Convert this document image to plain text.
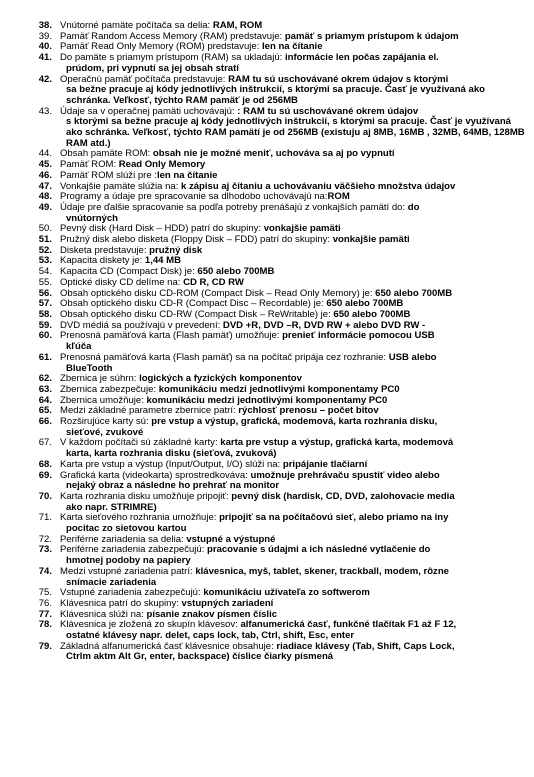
38. Vnútorné pamäte počítača sa delia: RAM, ROM
39. Pamäť Random Access Memory (RAM) predstavuje: pamäť s priamym prístupom k údajom
40. Pamäť Read Only Memory (ROM) predstavuje: len na čítanie
41. Do pamäte s priamym prístupom (RAM) sa ukladajú: informácie len počas zapájania el.
prúdom, pri vypnutí sa jej obsah stratí
42. Operačnú pamäť počítača predstavuje: RAM tu sú uschovávané okrem údajov s ktorými
sa bežne pracuje aj kódy jednotlivých inštrukcií, s ktorými sa pracuje. Časť je využívaná ako schránka. Veľkosť, týchto RAM pamäť je od 256MB
43. Údaje sa v operačnej pamäti uchovávajú: : RAM tu sú uschovávané okrem údajov
s ktorými sa bežne pracuje aj kódy jednotlivých inštrukcií, s ktorými sa pracuje. Časť je využívaná ako schránka. Veľkosť, týchto RAM pamätí je od 256MB (existuju aj 8MB, 16MB , 32MB, 64MB, 128MB RAM atd.)
44. Obsah pamäte ROM: obsah nie je možné meniť, uchováva sa aj po vypnutí
45. Pamäť ROM: Read Only Memory
46. Pamäť ROM slúži pre :len na čítanie
47. Vonkajšie pamäte slúžia na: k zápisu aj čítaniu a uchovávaniu väčšieho množstva údajov
48. Programy a údaje pre spracovanie sa dlhodobo uchovávajú na:ROM
49. Údaje pre ďalšie spracovanie sa podľa potreby prenášajú z vonkajších pamätí do: do
vnútorných
50. Pevný disk (Hard Disk – HDD) patrí do skupiny: vonkajšie pamäti
51. Pružný disk alebo disketa (Floppy Disk – FDD) patrí do skupiny: vonkajšie pamäti
52. Disketa predstavuje: pružný disk
53. Kapacita diskety je: 1,44 MB
54. Kapacita CD (Compact Disk) je: 650 alebo 700MB
55. Optické disky CD delíme na: CD R, CD RW
56. Obsah optického disku CD-ROM (Compact Disk – Read Only Memory) je: 650 alebo 700MB
57. Obsah optického disku CD-R (Compact Disc – Recordable) je: 650 alebo 700MB
58. Obsah optického disku CD-RW (Compact Disk – ReWritable) je: 650 alebo 700MB
59. DVD médiá sa používajú v prevedení: DVD +R, DVD –R, DVD RW + alebo DVD RW -
60. Prenosná pamäťová karta (Flash pamäť) umožňuje: prenieť informácie pomocou USB
kľúča
61. Prenosná pamäťová karta (Flash pamäť) sa na počítač pripája cez rozhranie: USB alebo
BlueTooth
62. Zbernica je súhrn: logických a fyzických komponentov
63. Zbernica zabezpečuje: komunikáciu medzi jednotlivými komponentamy PC0
64. Zbernica umožňuje: komunikáciu medzi jednotlivými komponentamy PC0
65. Medzi základné parametre zbernice patrí: rýchlosť prenosu – počet bitov
66. Rozširujúce karty sú: pre vstup a výstup, grafická, modemová, karta rozhrania disku,
sieťové, zvukové
67. V každom počítači sú základné karty: karta pre vstup a výstup, grafická karta, modemová
karta, karta rozhrania disku (sieťová, zvuková)
68. Karta pre vstup a výstup (Input/Output, I/O) slúži na: pripájanie tlačiarní
69. Grafická karta (videokarta) sprostredkováva: umožnuje prehrávaču spustiť video alebo
nejaký obraz a následne ho prehrať na monitor
70. Karta rozhrania disku umožňuje pripojiť: pevný disk (hardisk, CD, DVD, zalohovacie media
ako napr. STRIMRE)
71. Karta sieťového rozhrania umožňuje: pripojiť sa na počítačovú sieť, alebo priamo na iny
pocitac zo sietovou kartou
72. Periférne zariadenia sa delia: vstupné a výstupné
73. Periférne zariadenia zabezpečujú: pracovanie s údajmi a ich následné vytlačenie do
hmotnej podoby na papiery
74. Medzi vstupné zariadenia patrí: klávesnica, myš, tablet, skener, trackball, modem, rôzne
snímacie zariadenia
75. Vstupné zariadenia zabezpečujú: komunikáciu užívateľa zo softwerom
76. Klávesnica patrí do skupiny: vstupných zariadení
77. Klávesnica slúži na: písanie znakov písmen číslic
78. Klávesnica je zložená zo skupín klávesov: alfanumerická časť, funkčné tlačítak F1 až F 12,
ostatné klávesy napr. delet, caps lock, tab, Ctrl, shift, Esc, enter
79. Základná alfanumerická časť klávesnice obsahuje: riadiace klávesy (Tab, Shift, Caps Lock,
Ctrlm aktm Alt Gr, enter, backspace) číslice čiarky písmená
